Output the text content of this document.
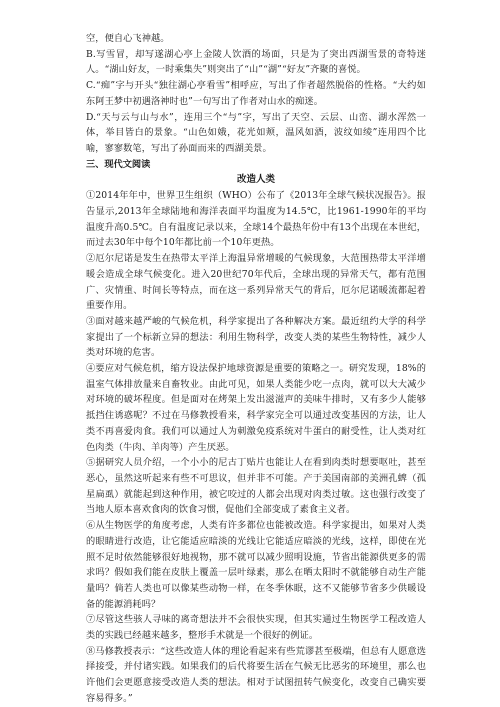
空，便自心飞神越。

B.写雪冒，却写遂湖心亭上金陵人饮酒的场面，只是为了突出西湖雪景的奇特迷人。“湖山好友，一时乘集失”则突出了“山”“湖”“好友”齐聚的喜悦。

C.“痴”字与开头“独往湖心亭看雪”相呼应，写出了作者超然脱俗的性格。“大约如东阿王梦中初遇洛神时也”一句写出了作者对山水的痴迷。

D.“天与云与山与水”，连用三个“与”字，写出了天空、云层、山峦、湖水浑然一体，举目皆白的景象。“山色如娥，花光如颊，温风如酒，波纹如绫”连用四个比喻，寥寥数笔，写出了孙面而来的西湖美景。

三、现代文阅读

改造人类

①2014年年中，世界卫生组织（WHO）公布了《2013年全球气候状况报告》。报告显示,2013年全球陆地和海洋表面平均温度为14.5℃，比1961-1990年的平均温度升高0.5℃。自有温度记录以来，全球14个最热年份中有13个出现在本世纪，而过去30年中每个10年都比前一个10年更热。

②厄尔尼诺是发生在热带太平洋上海温异常增暖的气候现象，大范围热带太平洋增暖会造成全球气候变化。进入20世纪70年代后，全球出现的异常天气，都有范围广、灾情重、时间长等特点，而在这一系列异常天气的背后，厄尔尼诺暖流都起着重要作用。

③面对越来越严峻的气候危机，科学家提出了各种解决方案。最近纽约大学的科学家提出了一个标新立异的想法：利用生物科学，改变人类的某些生物特性，减少人类对环境的危害。

④要应对气候危机，缩方设法保护地球资源是重要的策略之一。研究发现，18%的温室气体排放量来自畜牧业。由此可见，如果人类能少吃一点肉，就可以大大减少对环境的破坏程度。但是面对在烤架上发出滋滋声的美味牛排时，又有多少人能够抵挡住诱惑呢？不过在马修教授看来，科学家完全可以通过改变基因的方法，让人类不再喜爱肉食。我们可以通过人为刺激免疫系统对牛蛋白的耐受性，让人类对红色肉类（牛肉、羊肉等）产生厌恶。

⑤据研究人员介绍，一个小小的尼古丁贴片也能让人在看到肉类时想要呕吐，甚至恶心，虽然这听起来有些不可思议，但并非不可能。产于美国南部的美洲孔蜱（孤星扁虱）就能起到这种作用，被它咬过的人都会出现对肉类过敏。这也强行改变了当地人原本喜欢食肉的饮食习惯，促他们全部变成了素食主义者。

⑥从生物医学的角度考虑，人类有许多都位也能被改造。科学家提出，如果对人类的眼睛进行改造，让它能适应暗淡的光线让它能适应暗淡的光线，这样，即使在光照不足时依然能够很好地视物，那不就可以减少照明设施，节省出能源供更多的需求吗？假如我们能在皮肤上覆盖一层叶绿素，那么在晒太阳时不就能够自动生产能量吗？倘若人类也可以像某些动物一样，在冬季休眠，这不又能够节省多少供暖设备的能源消耗吗？

⑦尽管这些骇人寻味的离奇想法并不会很快实现，但其实通过生物医学工程改造人类的实践已经越来越多，整形手术就是一个很好的例证。

⑧马修教授表示：“这些改造人体的理论看起来有些荒谬甚至极端，但总有人愿意选择接受，并付诸实践。如果我们的后代将要生活在气候无比恶劣的环境里，那么也许他们会更愿意接受改造人类的想法。相对于试图扭转气候变化，改变自己确实要容易得多。”
